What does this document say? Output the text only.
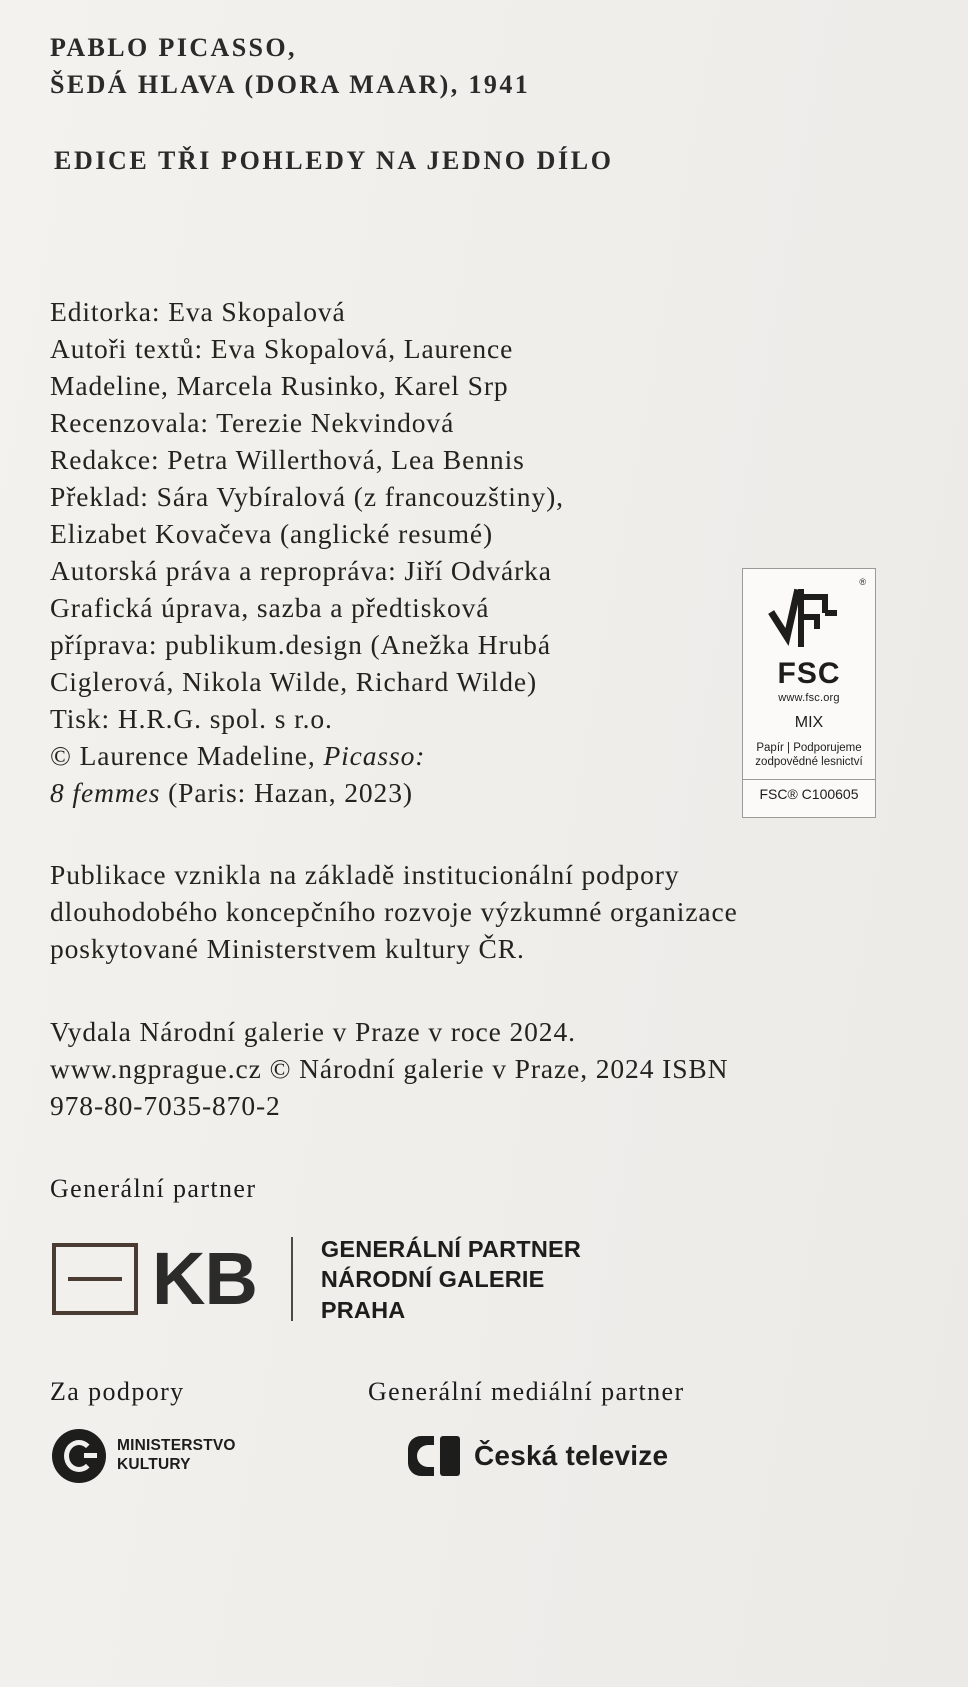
PABLO PICASSO,
ŠEDÁ HLAVA (DORA MAAR), 1941
EDICE TŘI POHLEDY NA JEDNO DÍLO
Editorka: Eva Skopalová
Autoři textů: Eva Skopalová, Laurence
Madeline, Marcela Rusinko, Karel Srp
Recenzovala: Terezie Nekvindová
Redakce: Petra Willerthová, Lea Bennis
Překlad: Sára Vybíralová (z francouzštiny),
Elizabet Kovačeva (anglické resumé)
Autorská práva a repropráva: Jiří Odvárka
Grafická úprava, sazba a předtisková
příprava: publikum.design (Anežka Hrubá
Ciglerová, Nikola Wilde, Richard Wilde)
Tisk: H.R.G. spol. s r.o.
© Laurence Madeline, Picasso:
8 femmes (Paris: Hazan, 2023)
Publikace vznikla na základě institucionální podpory dlouhodobého koncepčního rozvoje výzkumné organizace poskytované Ministerstvem kultury ČR.
Vydala Národní galerie v Praze v roce 2024. www.ngprague.cz © Národní galerie v Praze, 2024 ISBN 978-80-7035-870-2
Generální partner
KB	GENERÁLNÍ PARTNER
NÁRODNÍ GALERIE
PRAHA
Za podpory	Generální mediální partner
MINISTERSTVO
KULTURY	Česká televize
®
FSC
www.fsc.org
MIX
Papír | Podporujeme
zodpovědné lesnictví
FSC® C100605
